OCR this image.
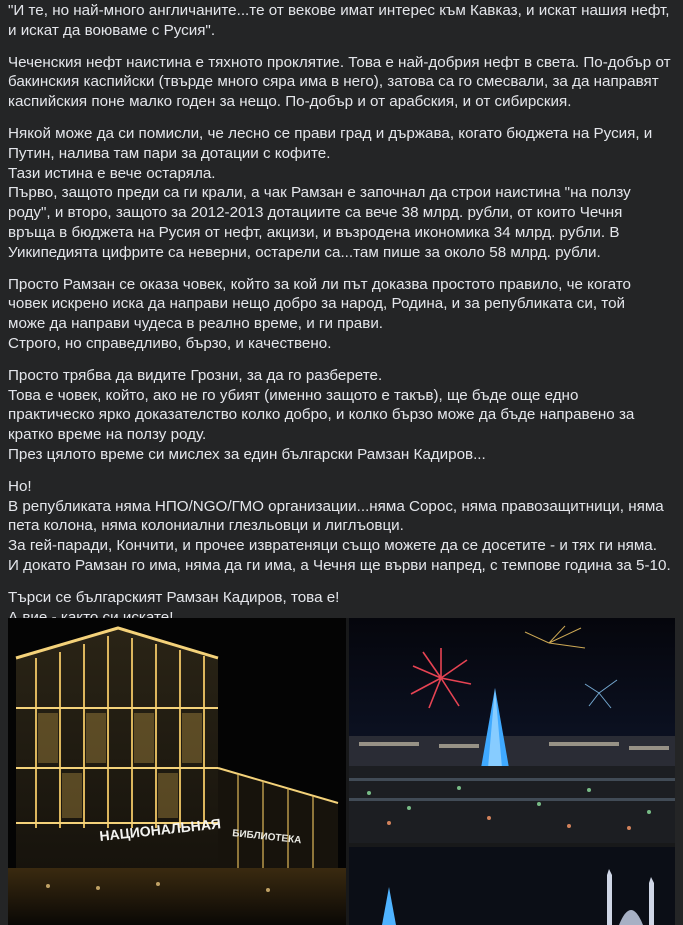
"И те, но най-много англичаните...те от векове имат интерес към Кавказ, и искат нашия нефт,
и искат да воюваме с Русия".

Чеченския нефт наистина е тяхното проклятие. Това е най-добрия нефт в света. По-добър от
бакинския каспийски (твърде много сяра има в него), затова са го смесвали, за да направят
каспийския поне малко годен за нещо. По-добър и от арабския, и от сибирския.

Някой може да си помисли, че лесно се прави град и държава, когато бюджета на Русия, и
Путин, налива там пари за дотации с кофите.
Тази истина е вече остаряла.
Първо, защото преди са ги крали, а чак Рамзан е започнал да строи наистина "на ползу
роду", и второ, защото за 2012-2013 дотациите са вече 38 млрд. рубли, от които Чечня
връща в бюджета на Русия от нефт, акцизи, и възродена икономика 34 млрд. рубли. В
Уикипедията цифрите са неверни, остарели са...там пише за около 58 млрд. рубли.

Просто Рамзан се оказа човек, който за кой ли път доказва простото правило, че когато
човек искрено иска да направи нещо добро за народ, Родина, и за републиката си, той
може да направи чудеса в реално време, и ги прави.
Строго, но справедливо, бързо, и качествено.

Просто трябва да видите Грозни, за да го разберете.
Това е човек, който, ако не го убият (именно защото е такъв), ще бъде още едно
практическо ярко доказателство колко добро, и колко бързо може да бъде направено за
кратко време на ползу роду.
През цялото време си мислех за един български Рамзан Кадиров...

Но!
В републиката няма НПО/NGO/ГМО организации...няма Сорос, няма правозащитници, няма
пета колона, няма колониални глезльовци и лиглъовци.
За гей-паради, Кончити, и прочее извратеняци също можете да се досетите - и тях ги няма.
И докато Рамзан го има, няма да ги има, а Чечня ще върви напред, с темпове година за 5-10.

Търси се българският Рамзан Кадиров, това е!

НАЦИОНАЛЬНАЯ БИБЛИОТЕКА
